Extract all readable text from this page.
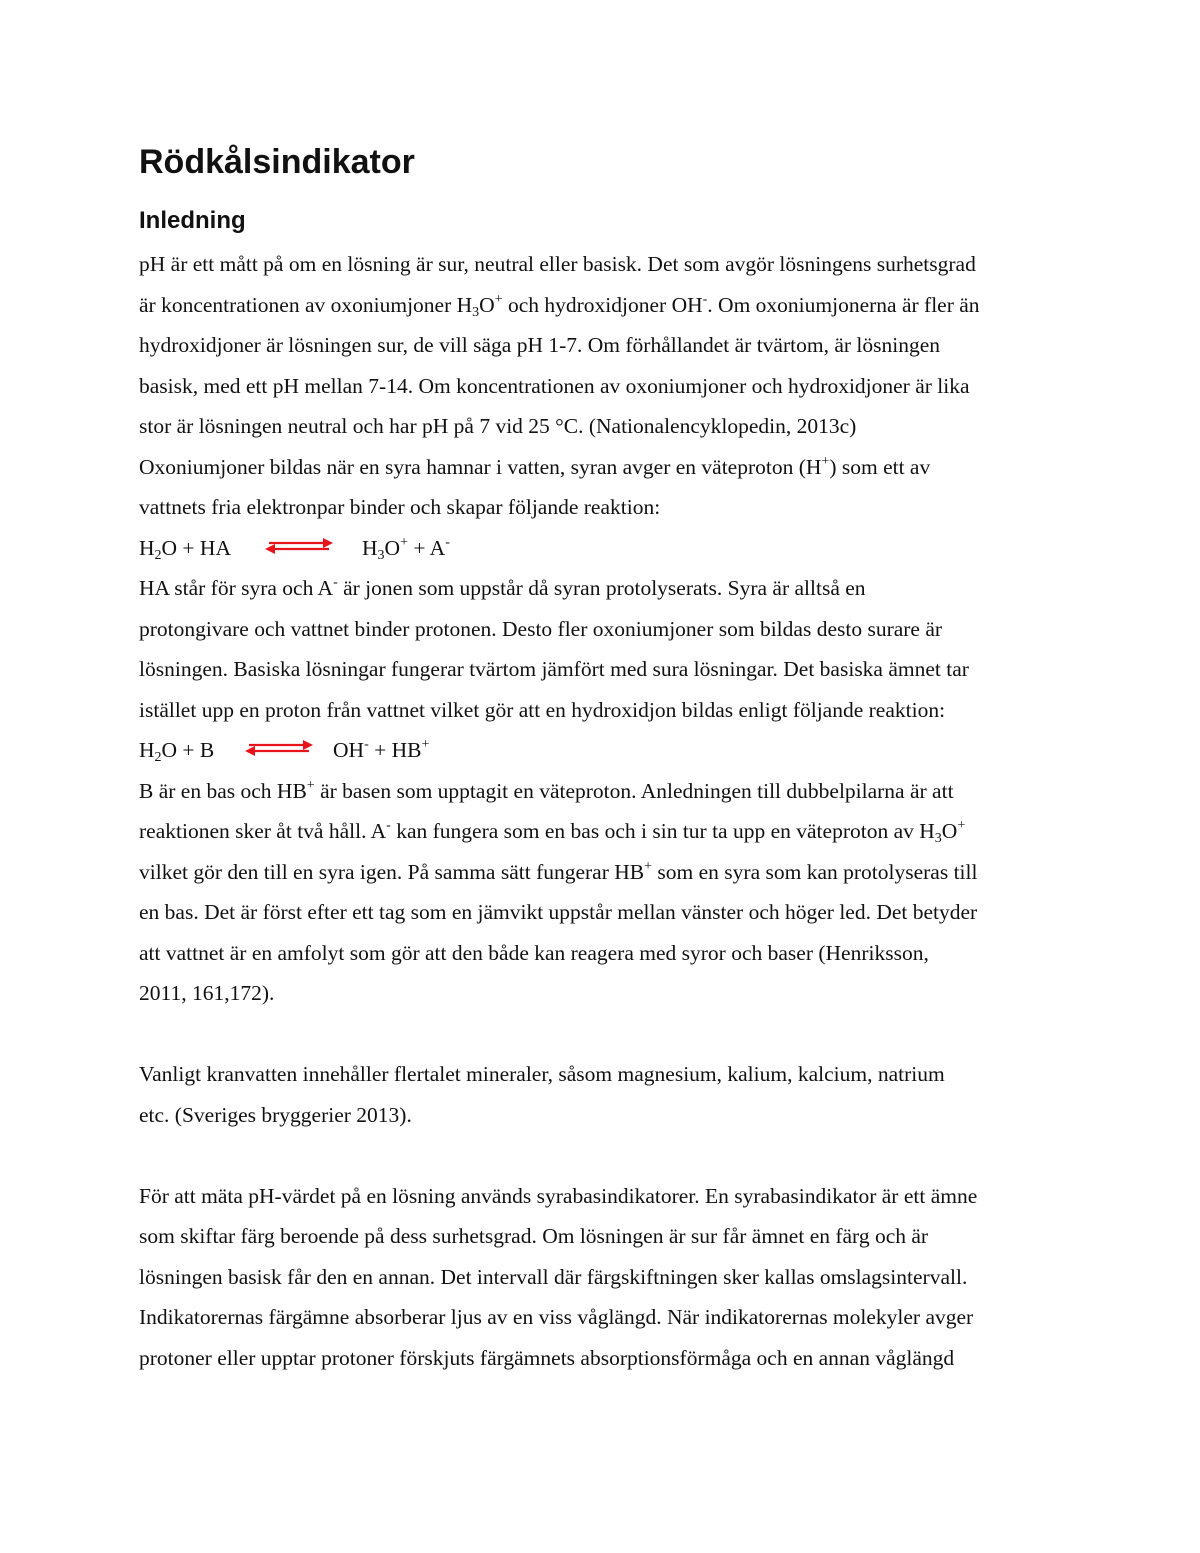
Rödkålsindikator
Inledning
pH är ett mått på om en lösning är sur, neutral eller basisk. Det som avgör lösningens surhetsgrad
är koncentrationen av oxoniumjoner $H_3O^+$ och hydroxidjoner OH-. Om oxoniumjonerna är fler än
hydroxidjoner är lösningen sur, de vill säga pH 1-7. Om förhållandet är tvärtom, är lösningen
basisk, med ett pH mellan 7-14. Om koncentrationen av oxoniumjoner och hydroxidjoner är lika
stor är lösningen neutral och har pH på 7 vid 25 °C. (Nationalencyklopedin, 2013c)
Oxoniumjoner bildas när en syra hamnar i vatten, syran avger en väteproton (H+) som ett av
vattnets fria elektronpar binder och skapar följande reaktion:
$H_2O$ + HA	$H_3O^+ + A^-$
HA står för syra och A- är jonen som uppstår då syran protolyserats. Syra är alltså en
protongivare och vattnet binder protonen. Desto fler oxoniumjoner som bildas desto surare är
lösningen. Basiska lösningar fungerar tvärtom jämfört med sura lösningar. Det basiska ämnet tar
istället upp en proton från vattnet vilket gör att en hydroxidjon bildas enligt följande reaktion:
$H_2O + B$	OH- + HB+
B är en bas och HB+ är basen som upptagit en väteproton. Anledningen till dubbelpilarna är att
reaktionen sker åt två håll. A- kan fungera som en bas och i sin tur ta upp en väteproton av $H_3O^+$
vilket gör den till en syra igen. På samma sätt fungerar HB+ som en syra som kan protolyseras till
en bas. Det är först efter ett tag som en jämvikt uppstår mellan vänster och höger led. Det betyder
att vattnet är en amfolyt som gör att den både kan reagera med syror och baser (Henriksson,
2011, 161,172).
Vanligt kranvatten innehåller flertalet mineraler, såsom magnesium, kalium, kalcium, natrium
etc. (Sveriges bryggerier 2013).
För att mäta pH-värdet på en lösning används syrabasindikatorer. En syrabasindikator är ett ämne
som skiftar färg beroende på dess surhetsgrad. Om lösningen är sur får ämnet en färg och är
lösningen basisk får den en annan. Det intervall där färgskiftningen sker kallas omslagsintervall.
Indikatorernas färgämne absorberar ljus av en viss våglängd. När indikatorernas molekyler avger
protoner eller upptar protoner förskjuts färgämnets absorptionsförmåga och en annan våglängd
